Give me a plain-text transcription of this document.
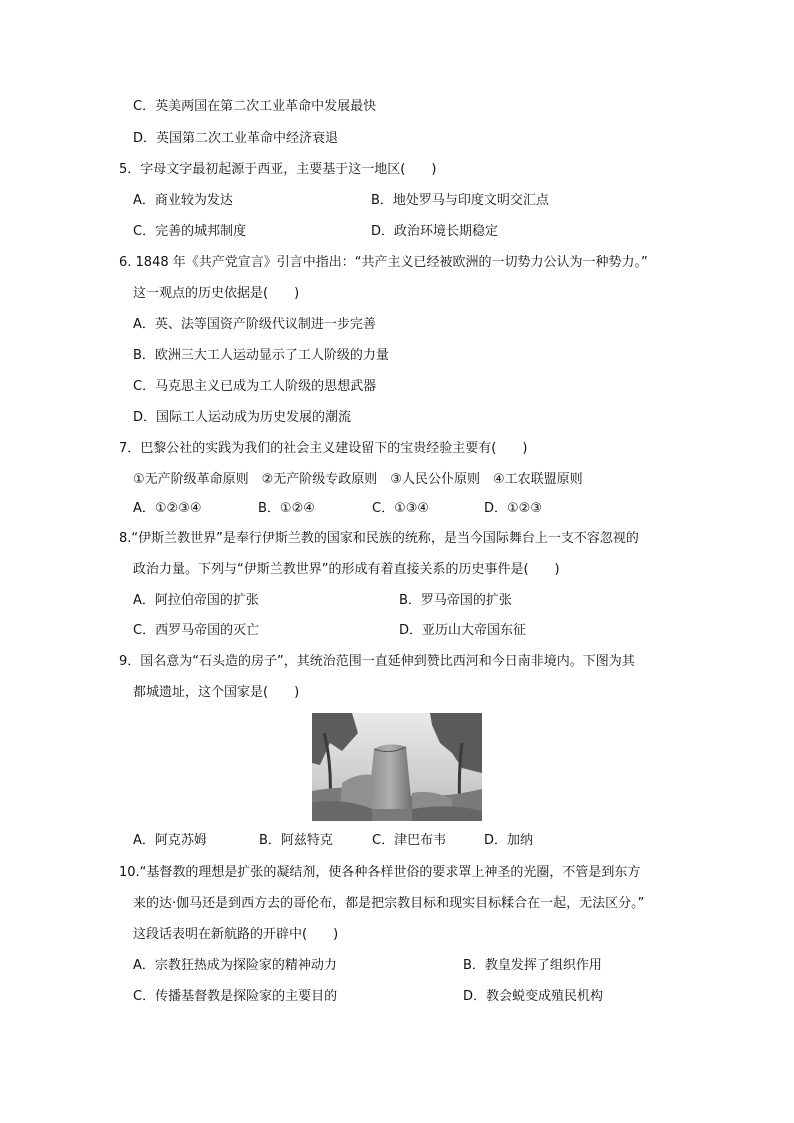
C．英美两国在第二次工业革命中发展最快
D．英国第二次工业革命中经济衰退
5．字母文字最初起源于西亚，主要基于这一地区(　　)
A．商业较为发达	B．地处罗马与印度文明交汇点
C．完善的城邦制度	D．政治环境长期稳定
6. 1848 年《共产党宣言》引言中指出：“共产主义已经被欧洲的一切势力公认为一种势力。”
这一观点的历史依据是(　　)
A．英、法等国资产阶级代议制进一步完善
B．欧洲三大工人运动显示了工人阶级的力量
C．马克思主义已成为工人阶级的思想武器
D．国际工人运动成为历史发展的潮流
7．巴黎公社的实践为我们的社会主义建设留下的宝贵经验主要有(　　)
①无产阶级革命原则　②无产阶级专政原则　③人民公仆原则　④工农联盟原则
A．①②③④	B．①②④	C．①③④	D．①②③
8.“伊斯兰教世界”是奉行伊斯兰教的国家和民族的统称，是当今国际舞台上一支不容忽视的
政治力量。下列与“伊斯兰教世界”的形成有着直接关系的历史事件是(　　)
A．阿拉伯帝国的扩张	B．罗马帝国的扩张
C．西罗马帝国的灭亡	D．亚历山大帝国东征
9．国名意为“石头造的房子”，其统治范围一直延伸到赞比西河和今日南非境内。下图为其
都城遗址，这个国家是(　　)
A．阿克苏姆	B．阿兹特克	C．津巴布韦	D．加纳
10.“基督教的理想是扩张的凝结剂，使各种各样世俗的要求罩上神圣的光圈，不管是到东方
来的达·伽马还是到西方去的哥伦布，都是把宗教目标和现实目标糅合在一起，无法区分。”
这段话表明在新航路的开辟中(　　)
A．宗教狂热成为探险家的精神动力	B．教皇发挥了组织作用
C．传播基督教是探险家的主要目的	D．教会蜕变成殖民机构
